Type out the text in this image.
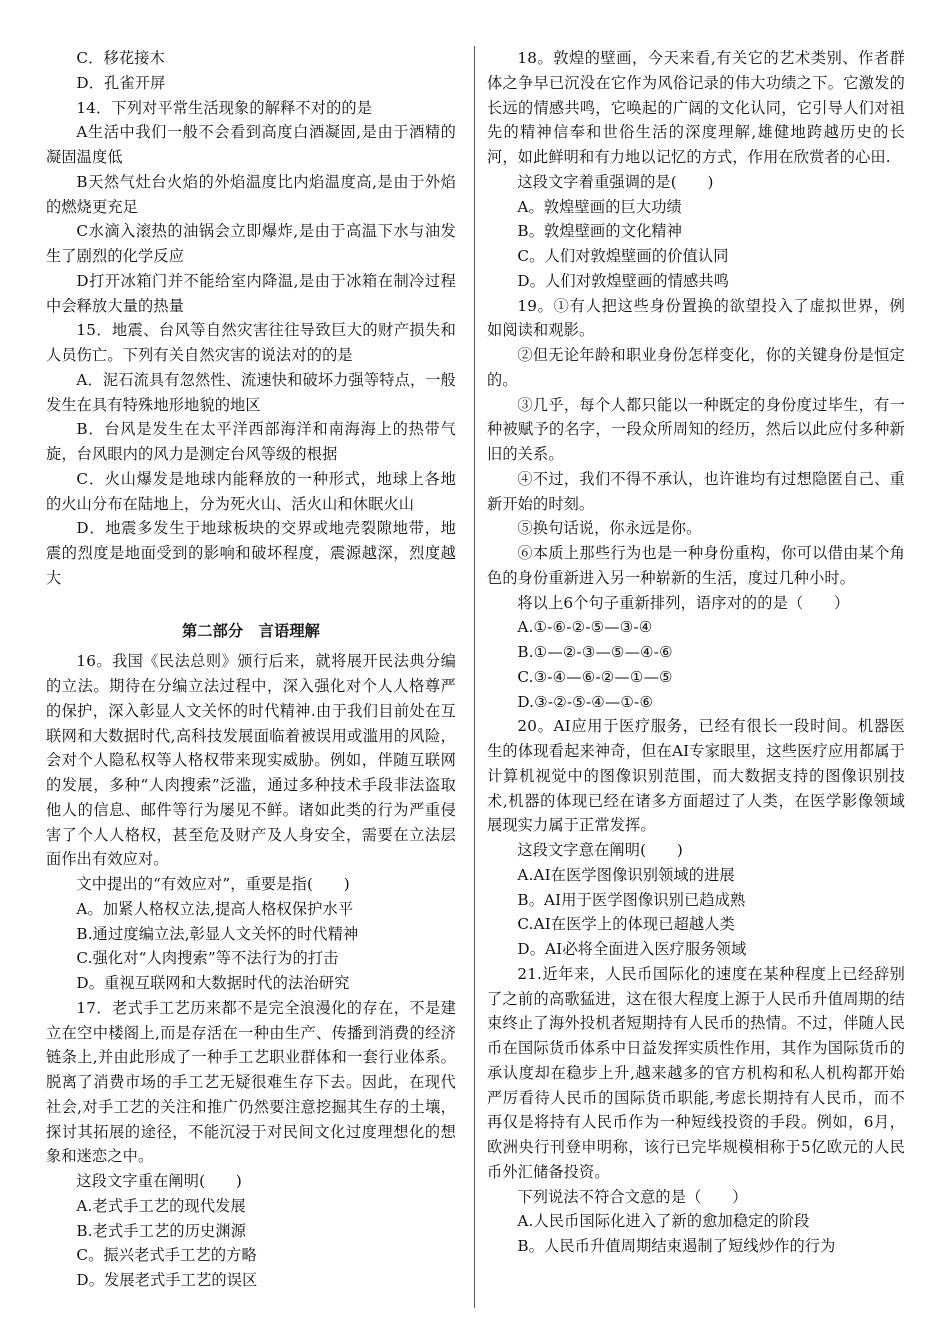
C．移花接木

D．孔雀开屏

14．下列对平常生活现象的解释不对的的是

A生活中我们一般不会看到高度白酒凝固,是由于酒精的凝固温度低

B天然气灶台火焰的外焰温度比内焰温度高,是由于外焰的燃烧更充足

C水滴入滚热的油锅会立即爆炸,是由于高温下水与油发生了剧烈的化学反应

D打开冰箱门并不能给室内降温,是由于冰箱在制冷过程中会释放大量的热量

15．地震、台风等自然灾害往往导致巨大的财产损失和人员伤亡。下列有关自然灾害的说法对的的是

A．泥石流具有忽然性、流速快和破坏力强等特点，一般发生在具有特殊地形地貌的地区

B．台风是发生在太平洋西部海洋和南海海上的热带气旋，台风眼内的风力是测定台风等级的根据

C．火山爆发是地球内能释放的一种形式，地球上各地的火山分布在陆地上，分为死火山、活火山和休眠火山

D．地震多发生于地球板块的交界或地壳裂隙地带，地震的烈度是地面受到的影响和破坏程度，震源越深，烈度越大

第二部分　言语理解

16。我国《民法总则》颁行后来，就将展开民法典分编的立法。期待在分编立法过程中，深入强化对个人人格尊严的保护，深入彰显人文关怀的时代精神.由于我们目前处在互联网和大数据时代,高科技发展面临着被误用或滥用的风险，会对个人隐私权等人格权带来现实威胁。例如，伴随互联网的发展，多种“人肉搜索”泛滥，通过多种技术手段非法盗取他人的信息、邮件等行为屡见不鲜。诸如此类的行为严重侵害了个人人格权，甚至危及财产及人身安全，需要在立法层面作出有效应对。

文中提出的“有效应对”，重要是指(　　)

A。加紧人格权立法,提高人格权保护水平

B.通过度编立法,彰显人文关怀的时代精神

C.强化对“人肉搜索”等不法行为的打击

D。重视互联网和大数据时代的法治研究

17．老式手工艺历来都不是完全浪漫化的存在，不是建立在空中楼阁上,而是存活在一种由生产、传播到消费的经济链条上,并由此形成了一种手工艺职业群体和一套行业体系。脱离了消费市场的手工艺无疑很难生存下去。因此，在现代社会,对手工艺的关注和推广仍然要注意挖掘其生存的土壤，探讨其拓展的途径，不能沉浸于对民间文化过度理想化的想象和迷恋之中。

这段文字重在阐明(　　)

A.老式手工艺的现代发展

B.老式手工艺的历史渊源

C。振兴老式手工艺的方略

D。发展老式手工艺的误区

18。敦煌的壁画，今天来看,有关它的艺术类别、作者群体之争早已沉没在它作为风俗记录的伟大功绩之下。它激发的长远的情感共鸣，它唤起的广阔的文化认同，它引导人们对祖先的精神信奉和世俗生活的深度理解,雄健地跨越历史的长河，如此鲜明和有力地以记忆的方式，作用在欣赏者的心田.

这段文字着重强调的是(　　)

A。敦煌壁画的巨大功绩

B。敦煌壁画的文化精神

C。人们对敦煌壁画的价值认同

D。人们对敦煌壁画的情感共鸣

19。①有人把这些身份置换的欲望投入了虚拟世界，例如阅读和观影。

②但无论年龄和职业身份怎样变化，你的关键身份是恒定的。

③几乎，每个人都只能以一种既定的身份度过毕生，有一种被赋予的名字，一段众所周知的经历，然后以此应付多种新旧的关系。

④不过，我们不得不承认，也许谁均有过想隐匿自己、重新开始的时刻。

⑤换句话说，你永远是你。

⑥本质上那些行为也是一种身份重构，你可以借由某个角色的身份重新进入另一种崭新的生活，度过几种小时。

将以上6个句子重新排列，语序对的的是（　　）

A.①-⑥-②-⑤—③-④

B.①—②-③—⑤—④-⑥

C.③-④—⑥-②—①—⑤

D.③-②-⑤-④—①-⑥

20。AI应用于医疗服务，已经有很长一段时间。机器医生的体现看起来神奇，但在AI专家眼里，这些医疗应用都属于计算机视觉中的图像识别范围，而大数据支持的图像识别技术,机器的体现已经在诸多方面超过了人类，在医学影像领域展现实力属于正常发挥。

这段文字意在阐明(　　)

A.AI在医学图像识别领域的进展

B。AI用于医学图像识别已趋成熟

C.AI在医学上的体现已超越人类

D。AI必将全面进入医疗服务领域

21.近年来，人民币国际化的速度在某种程度上已经辞别了之前的高歌猛进，这在很大程度上源于人民币升值周期的结束终止了海外投机者短期持有人民币的热情。不过，伴随人民币在国际货币体系中日益发挥实质性作用，其作为国际货币的承认度却在稳步上升,越来越多的官方机构和私人机构都开始严厉看待人民币的国际货币职能,考虑长期持有人民币，而不再仅是将持有人民币作为一种短线投资的手段。例如，6月，欧洲央行刊登申明称，该行已完毕规模相称于5亿欧元的人民币外汇储备投资。

下列说法不符合文意的是（　　）

A.人民币国际化进入了新的愈加稳定的阶段

B。人民币升值周期结束遏制了短线炒作的行为
